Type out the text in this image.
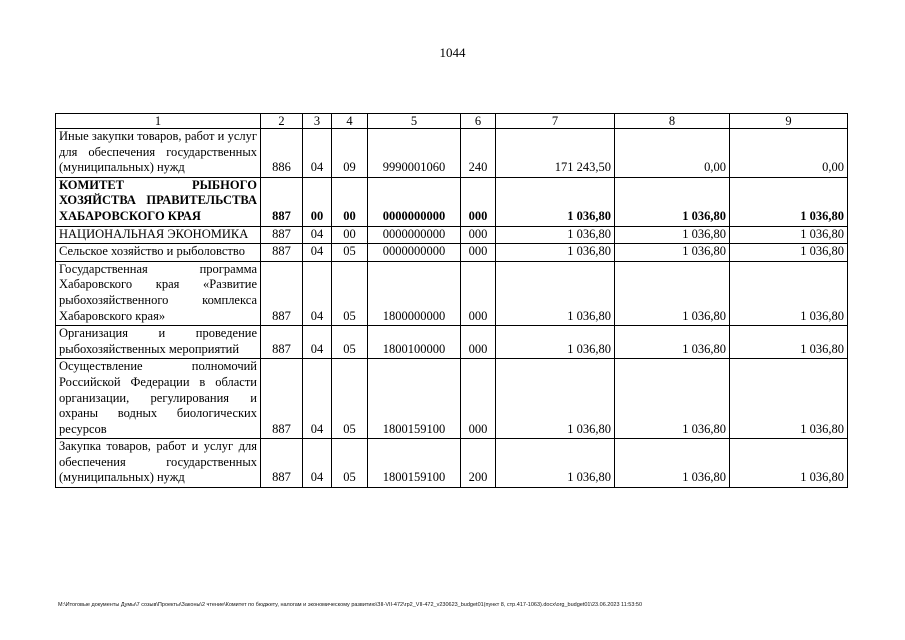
1044
1	2	3	4	5	6	7	8	9
Иные закупки товаров, работ и услуг для обеспечения государственных (муниципальных) нужд	886	04	09	9990001060	240	171 243,50	0,00	0,00
КОМИТЕТ РЫБНОГО ХОЗЯЙСТВА ПРАВИТЕЛЬСТВА ХАБАРОВСКОГО КРАЯ	887	00	00	0000000000	000	1 036,80	1 036,80	1 036,80
НАЦИОНАЛЬНАЯ ЭКОНОМИКА	887	04	00	0000000000	000	1 036,80	1 036,80	1 036,80
Сельское хозяйство и рыболовство	887	04	05	0000000000	000	1 036,80	1 036,80	1 036,80
Государственная программа Хабаровского края «Развитие рыбохозяйственного комплекса Хабаровского края»	887	04	05	1800000000	000	1 036,80	1 036,80	1 036,80
Организация и проведение рыбохозяйственных мероприятий	887	04	05	1800100000	000	1 036,80	1 036,80	1 036,80
Осуществление полномочий Российской Федерации в области организации, регулирования и охраны водных биологических ресурсов	887	04	05	1800159100	000	1 036,80	1 036,80	1 036,80
Закупка товаров, работ и услуг для обеспечения государственных (муниципальных) нужд	887	04	05	1800159100	200	1 036,80	1 036,80	1 036,80
M:\Итоговые документы Думы\7 созыв\Проекты\Законы\2 чтение\Комитет по бюджету, налогам и экономическому развитию\ЗII-VII-472\гр2_VII-472_v230623_budget01(пункт 8, стр.417-1063).docx\org_budget01\23.06.2023 11:53:50
